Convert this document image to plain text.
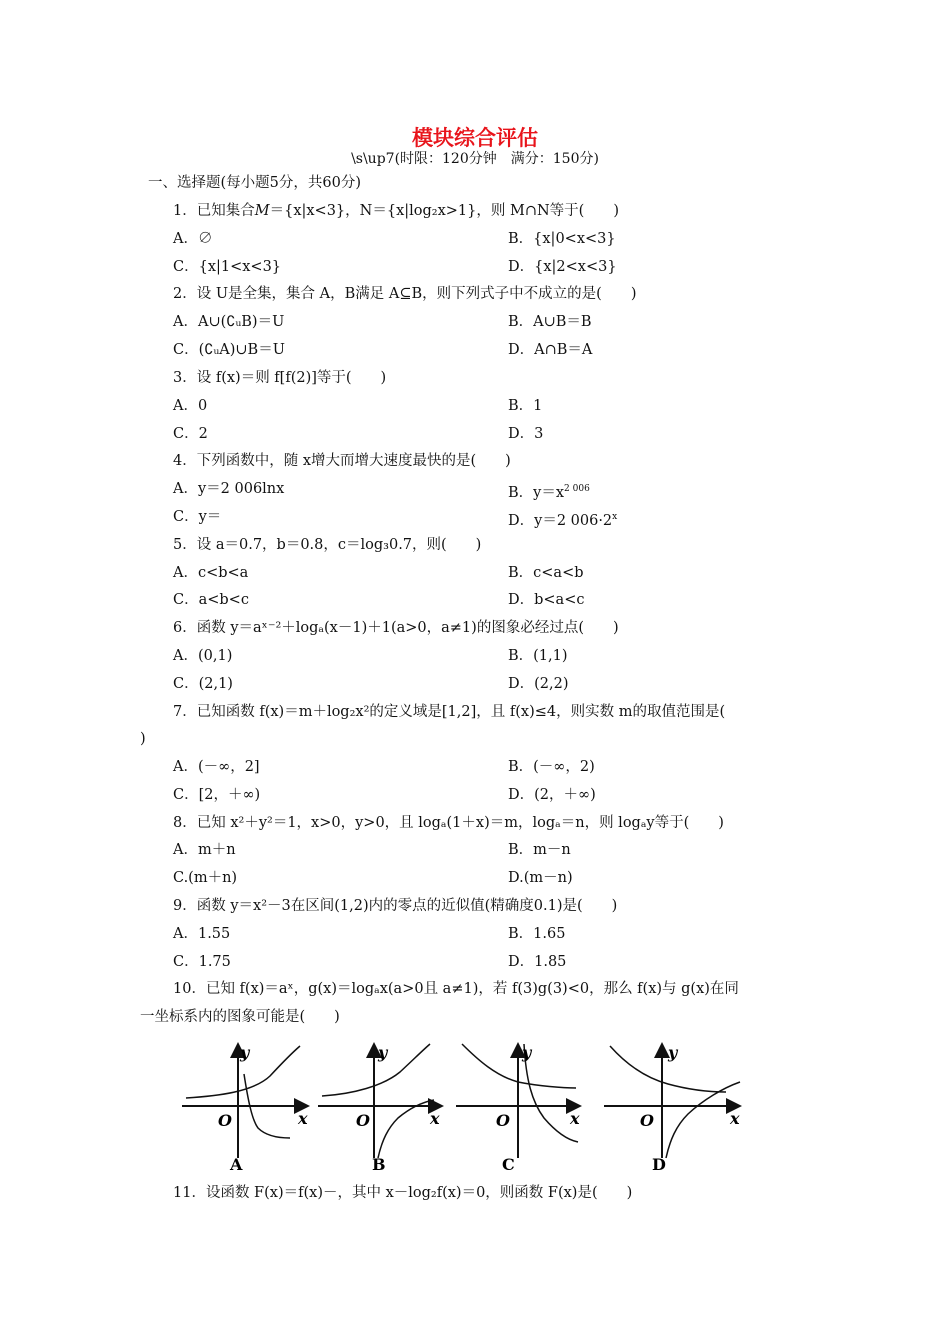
模块综合评估
\s\up7(时限：120分钟　满分：150分)
一、选择题(每小题5分，共60分)
1．已知集合M＝{x|x<3}，N＝{x|log₂x>1}，则 M∩N等于(　　)
A．∅	B．{x|0<x<3}
C．{x|1<x<3}	D．{x|2<x<3}
2．设 U是全集，集合 A，B满足 A⊆B，则下列式子中不成立的是(　　)
A．A∪(∁ᵤB)＝U	B．A∪B＝B
C．(∁ᵤA)∪B＝U	D．A∩B＝A
3．设 f(x)＝则 f[f(2)]等于(　　)
A．0	B．1
C．2	D．3
4．下列函数中，随 x增大而增大速度最快的是(　　)
A．y＝2 006lnx	B．$y=x^{2 006}$
C．y＝	D．y＝2 $006\cdot 2^x$
5．设 a＝0.7，b＝0.8，c＝log₃0.7，则(　　)
A．c<b<a	B．c<a<b
C．a<b<c	D．b<a<c
6．函数 y＝aˣ⁻²＋logₐ(x－1)＋1(a>0，a≠1)的图象必经过点(　　)
A．(0,1)	B．(1,1)
C．(2,1)	D．(2,2)
7．已知函数 f(x)＝m＋log₂x²的定义域是[1,2]，且 f(x)≤4，则实数 m的取值范围是(
)
A．(－∞，2]	B．(－∞，2)
C．[2，＋∞)	D．(2，＋∞)
8．已知 x²＋y²＝1，x>0，y>0，且 logₐ(1＋x)＝m，logₐ＝n，则 logₐy等于(　　)
A．m＋n	B．m－n
C.(m＋n)	D.(m－n)
9．函数 y＝x²－3在区间(1,2)内的零点的近似值(精确度0.1)是(　　)
A．1.55	B．1.65
C．1.75	D．1.85
10．已知 f(x)＝aˣ，g(x)＝logₐx(a>0且 a≠1)，若 f(3)g(3)<0，那么 f(x)与 g(x)在同
一坐标系内的图象可能是(　　)
y
x
O
A
y
x
O
B
y
x
O
C
y
x
O
D
11．设函数 F(x)＝f(x)－，其中 x－log₂f(x)＝0，则函数 F(x)是(　　)
